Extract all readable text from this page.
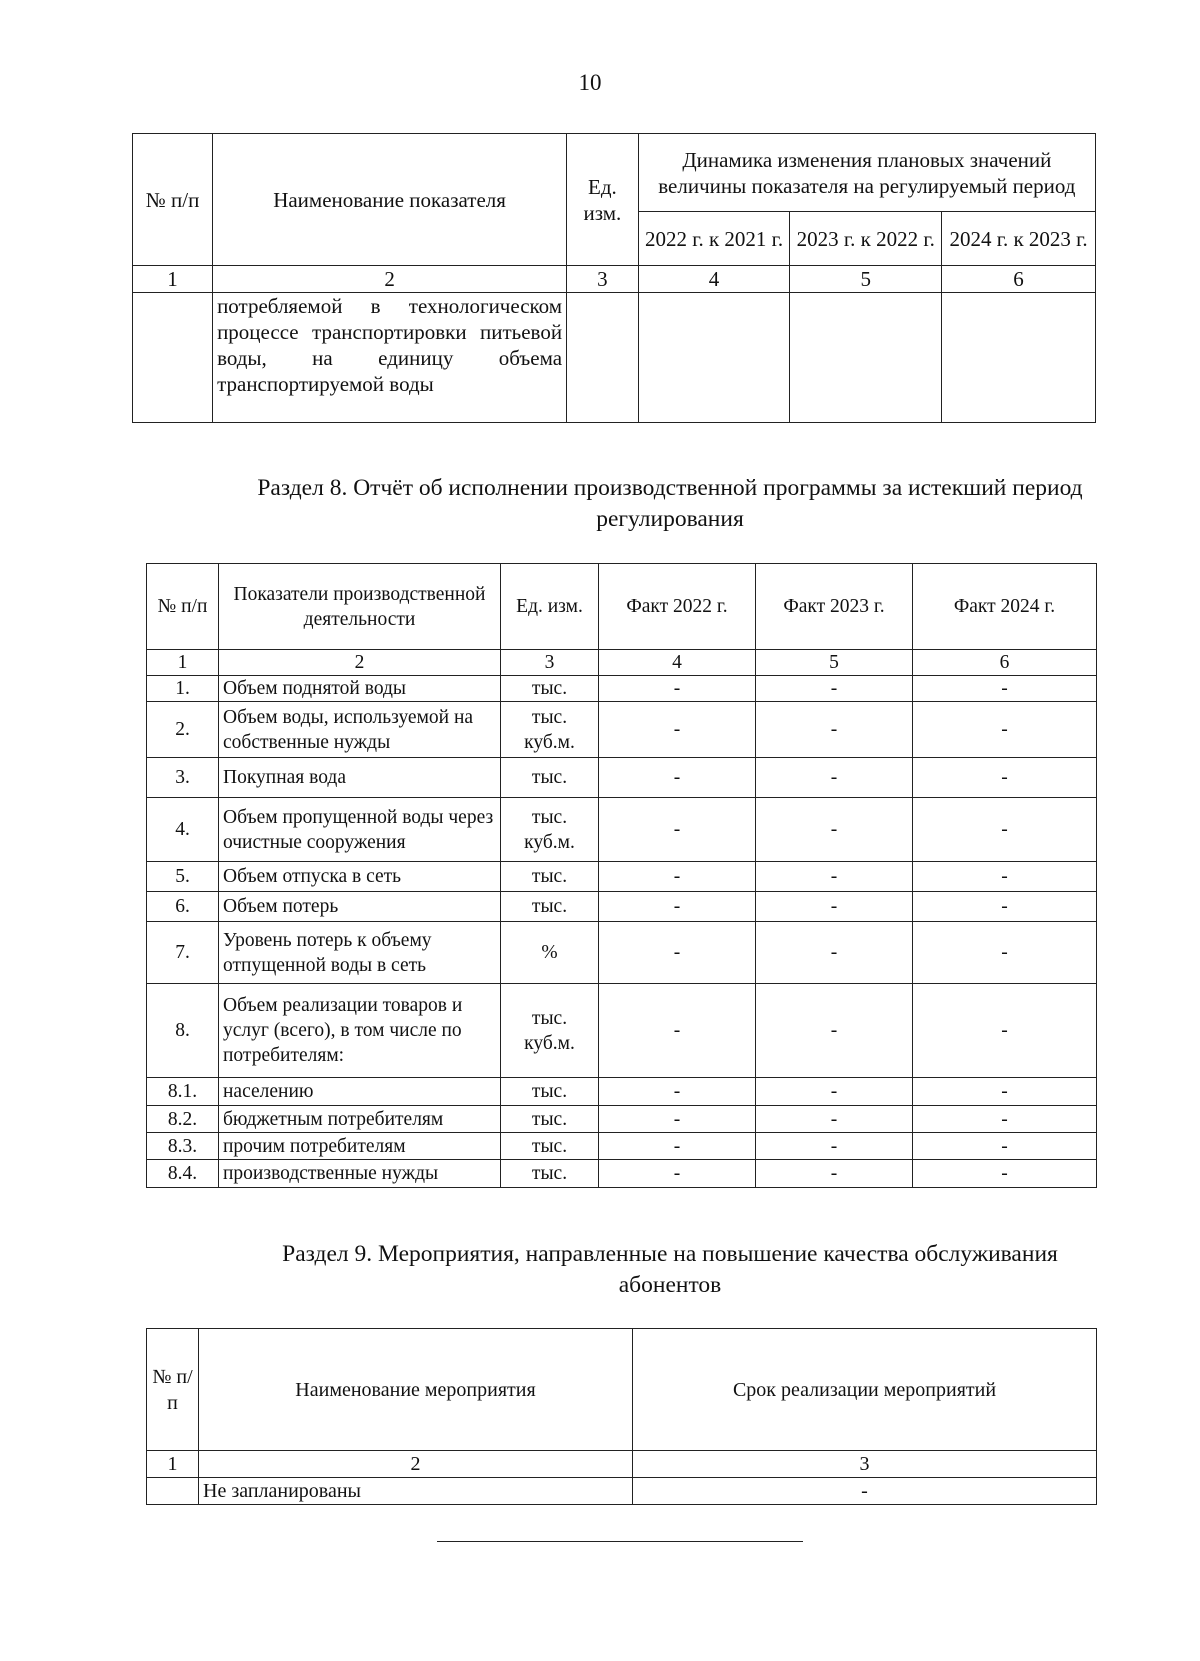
10
№ п/п	Наименование показателя	Ед. изм.	Динамика изменения плановых значений величины показателя на регулируемый период		
			2022 г. к 2021 г.	2023 г. к 2022 г.	2024 г. к 2023 г.
1	2	3	4	5	6
	потребляемой в технологическом процессе транспортировки питьевой воды, на единицу объема транспортируемой воды				
Раздел 8. Отчёт об исполнении производственной программы за истекший период регулирования
№ п/п	Показатели производственной деятельности	Ед. изм.	Факт 2022 г.	Факт 2023 г.	Факт 2024 г.
1	2	3	4	5	6
1.	Объем поднятой воды	тыс.	-	-	-
2.	Объем воды, используемой на собственные нужды	тыс. куб.м.	-	-	-
3.	Покупная вода	тыс.	-	-	-
4.	Объем пропущенной воды через очистные сооружения	тыс. куб.м.	-	-	-
5.	Объем отпуска в сеть	тыс.	-	-	-
6.	Объем потерь	тыс.	-	-	-
7.	Уровень потерь к объему отпущенной воды в сеть	%	-	-	-
8.	Объем реализации товаров и услуг (всего), в том числе по потребителям:	тыс. куб.м.	-	-	-
8.1.	населению	тыс.	-	-	-
8.2.	бюджетным потребителям	тыс.	-	-	-
8.3.	прочим потребителям	тыс.	-	-	-
8.4.	производственные нужды	тыс.	-	-	-
Раздел 9. Мероприятия, направленные на повышение качества обслуживания абонентов
№ п/п	Наименование мероприятия	Срок реализации мероприятий
1	2	3
	Не запланированы	-
